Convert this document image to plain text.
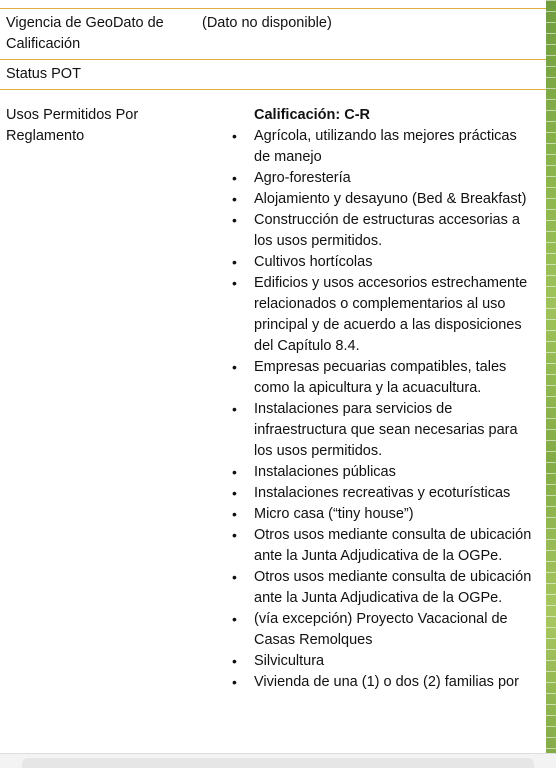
Vigencia de GeoDato de Calificación
(Dato no disponible)
Status POT
Usos Permitidos Por Reglamento
Calificación: C-R
• Agrícola, utilizando las mejores prácticas de manejo
• Agro-forestería
• Alojamiento y desayuno (Bed & Breakfast)
• Construcción de estructuras accesorias a los usos permitidos.
• Cultivos hortícolas
• Edificios y usos accesorios estrechamente relacionados o complementarios al uso principal y de acuerdo a las disposiciones del Capítulo 8.4.
• Empresas pecuarias compatibles, tales como la apicultura y la acuacultura.
• Instalaciones para servicios de infraestructura que sean necesarias para los usos permitidos.
• Instalaciones públicas
• Instalaciones recreativas y ecoturísticas
• Micro casa (“tiny house”)
• Otros usos mediante consulta de ubicación ante la Junta Adjudicativa de la OGPe.
• Otros usos mediante consulta de ubicación ante la Junta Adjudicativa de la OGPe.
• (vía excepción) Proyecto Vacacional de Casas Remolques
• Silvicultura
• Vivienda de una (1) o dos (2) familias por
